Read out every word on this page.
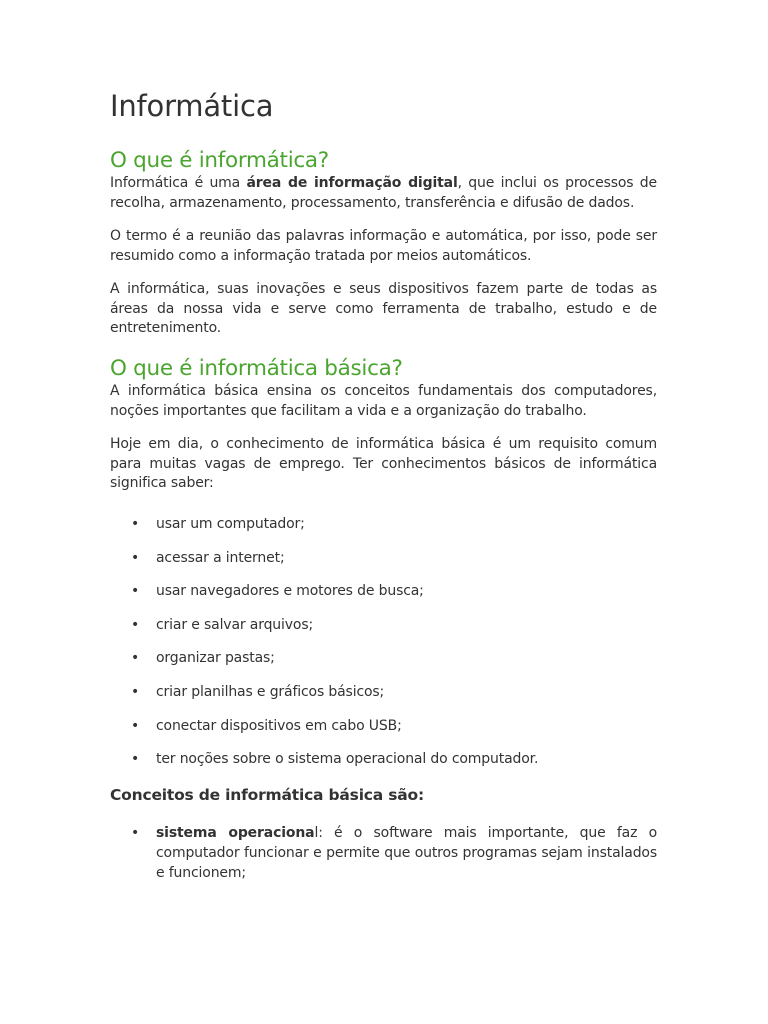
Informática
O que é informática?

Informática é uma área de informação digital, que inclui os processos de recolha, armazenamento, processamento, transferência e difusão de dados.

O termo é a reunião das palavras informação e automática, por isso, pode ser resumido como a informação tratada por meios automáticos.

A informática, suas inovações e seus dispositivos fazem parte de todas as áreas da nossa vida e serve como ferramenta de trabalho, estudo e de entretenimento.

O que é informática básica?

A informática básica ensina os conceitos fundamentais dos computadores, noções importantes que facilitam a vida e a organização do trabalho.

Hoje em dia, o conhecimento de informática básica é um requisito comum para muitas vagas de emprego. Ter conhecimentos básicos de informática significa saber:

• usar um computador;
• acessar a internet;
• usar navegadores e motores de busca;
• criar e salvar arquivos;
• organizar pastas;
• criar planilhas e gráficos básicos;
• conectar dispositivos em cabo USB;
• ter noções sobre o sistema operacional do computador.
Conceitos de informática básica são:
• sistema operacional: é o software mais importante, que faz o computador funcionar e permite que outros programas sejam instalados e funcionem;
